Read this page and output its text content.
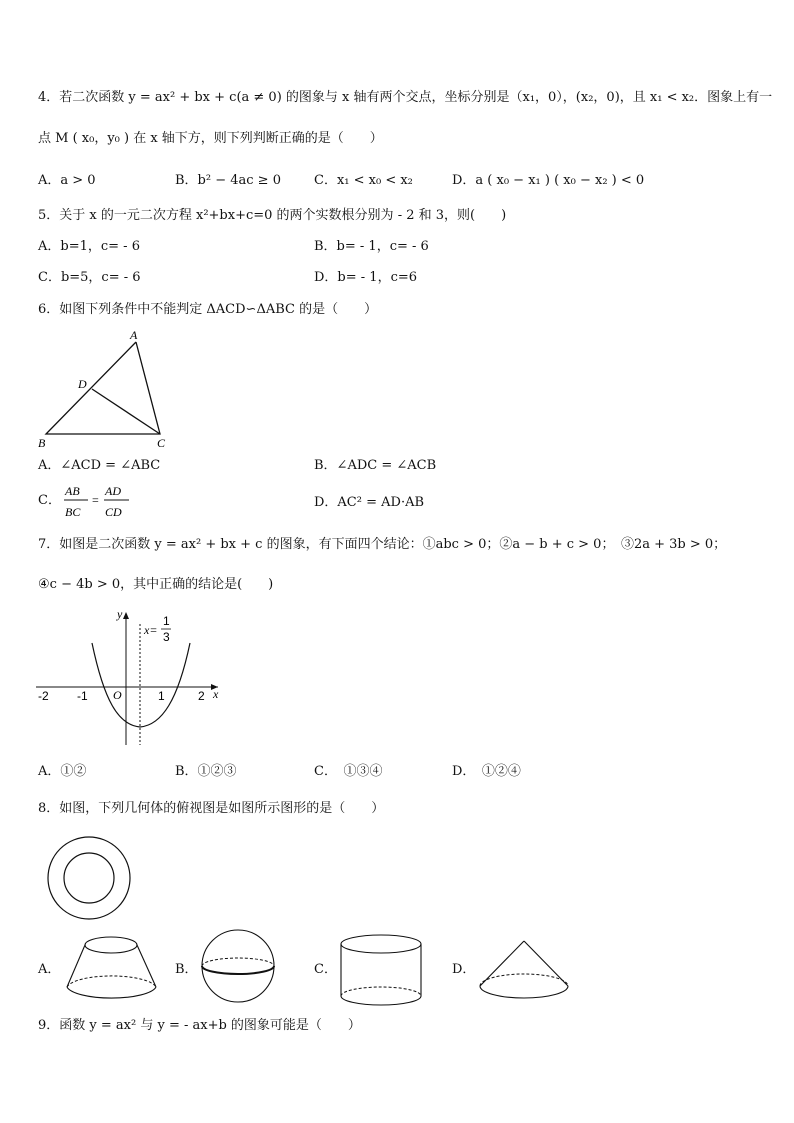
4．若二次函数 y = ax² + bx + c(a ≠ 0) 的图象与 x 轴有两个交点，坐标分别是（x₁，0），(x₂，0)，且 x₁ < x₂．图象上有一
点 M ( x₀，y₀ ) 在 x 轴下方，则下列判断正确的是（　　）
A．a > 0	B．b² − 4ac ≥ 0	C．x₁ < x₀ < x₂	D．a ( x₀ − x₁ ) ( x₀ − x₂ ) < 0
5．关于 x 的一元二次方程 x²+bx+c=0 的两个实数根分别为 - 2 和 3，则(　　)
A．b=1，c= - 6	B．b= - 1，c= - 6
C．b=5，c= - 6	D．b= - 1，c=6
6．如图下列条件中不能判定 ΔACD∽ΔABC 的是（　　）
A
D
B	C
A．∠ACD = ∠ABC	B．∠ADC = ∠ACB
C．
AB
BC
=
AD
CD
D．AC² = AD·AB
7．如图是二次函数 y = ax² + bx + c 的图象，有下面四个结论：①abc > 0；②a − b + c > 0；　③2a + 3b > 0；
④c − 4b > 0，其中正确的结论是(　　)
y
x
O
-2 -1	1	2
x=
1
3
A．①②	B．①②③	C．　①③④	D．　①②④
8．如图，下列几何体的俯视图是如图所示图形的是（　　）
A．	B．	C．	D．
9．函数 y = ax² 与 y = - ax+b 的图象可能是（　　）
